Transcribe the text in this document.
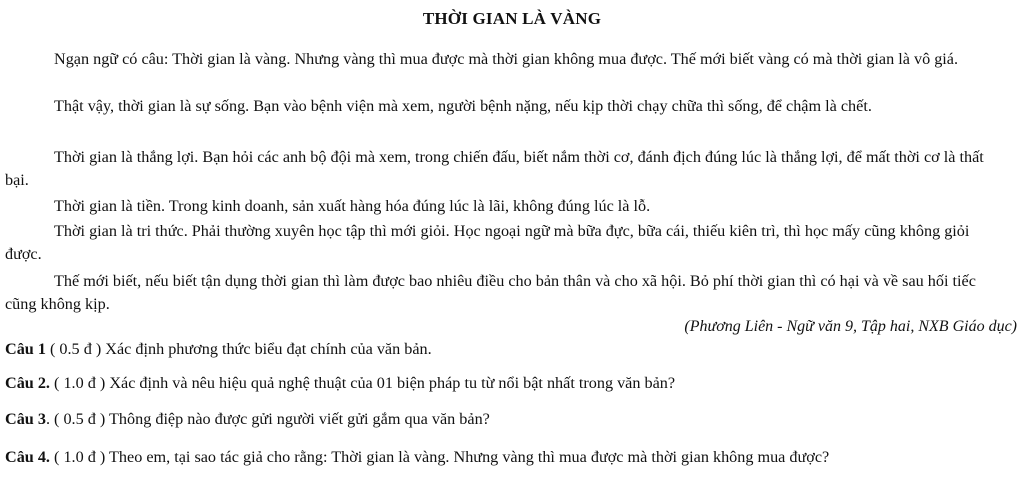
THỜI GIAN LÀ VÀNG

Ngạn ngữ có câu: Thời gian là vàng. Nhưng vàng thì mua được mà thời gian không mua được. Thế mới biết vàng có mà thời gian là vô giá.

Thật vậy, thời gian là sự sống. Bạn vào bệnh viện mà xem, người bệnh nặng, nếu kịp thời chạy chữa thì sống, để chậm là chết.

Thời gian là thắng lợi. Bạn hỏi các anh bộ đội mà xem, trong chiến đấu, biết nắm thời cơ, đánh địch đúng lúc là thắng lợi, để mất thời cơ là thất bại.

Thời gian là tiền. Trong kinh doanh, sản xuất hàng hóa đúng lúc là lãi, không đúng lúc là lỗ.

Thời gian là tri thức. Phải thường xuyên học tập thì mới giỏi. Học ngoại ngữ mà bữa đực, bữa cái, thiếu kiên trì, thì học mấy cũng không giỏi được.

Thế mới biết, nếu biết tận dụng thời gian thì làm được bao nhiêu điều cho bản thân và cho xã hội. Bỏ phí thời gian thì có hại và về sau hối tiếc cũng không kịp.

(Phương Liên - Ngữ văn 9, Tập hai, NXB Giáo dục)

Câu 1 ( 0.5 đ ) Xác định phương thức biểu đạt chính của văn bản.

Câu 2. ( 1.0 đ ) Xác định và nêu hiệu quả nghệ thuật của 01 biện pháp tu từ nổi bật nhất trong văn bản?

Câu 3. ( 0.5 đ ) Thông điệp nào được gửi người viết gửi gắm qua văn bản?

Câu 4. ( 1.0 đ ) Theo em, tại sao tác giả cho rằng: Thời gian là vàng. Nhưng vàng thì mua được mà thời gian không mua được?
